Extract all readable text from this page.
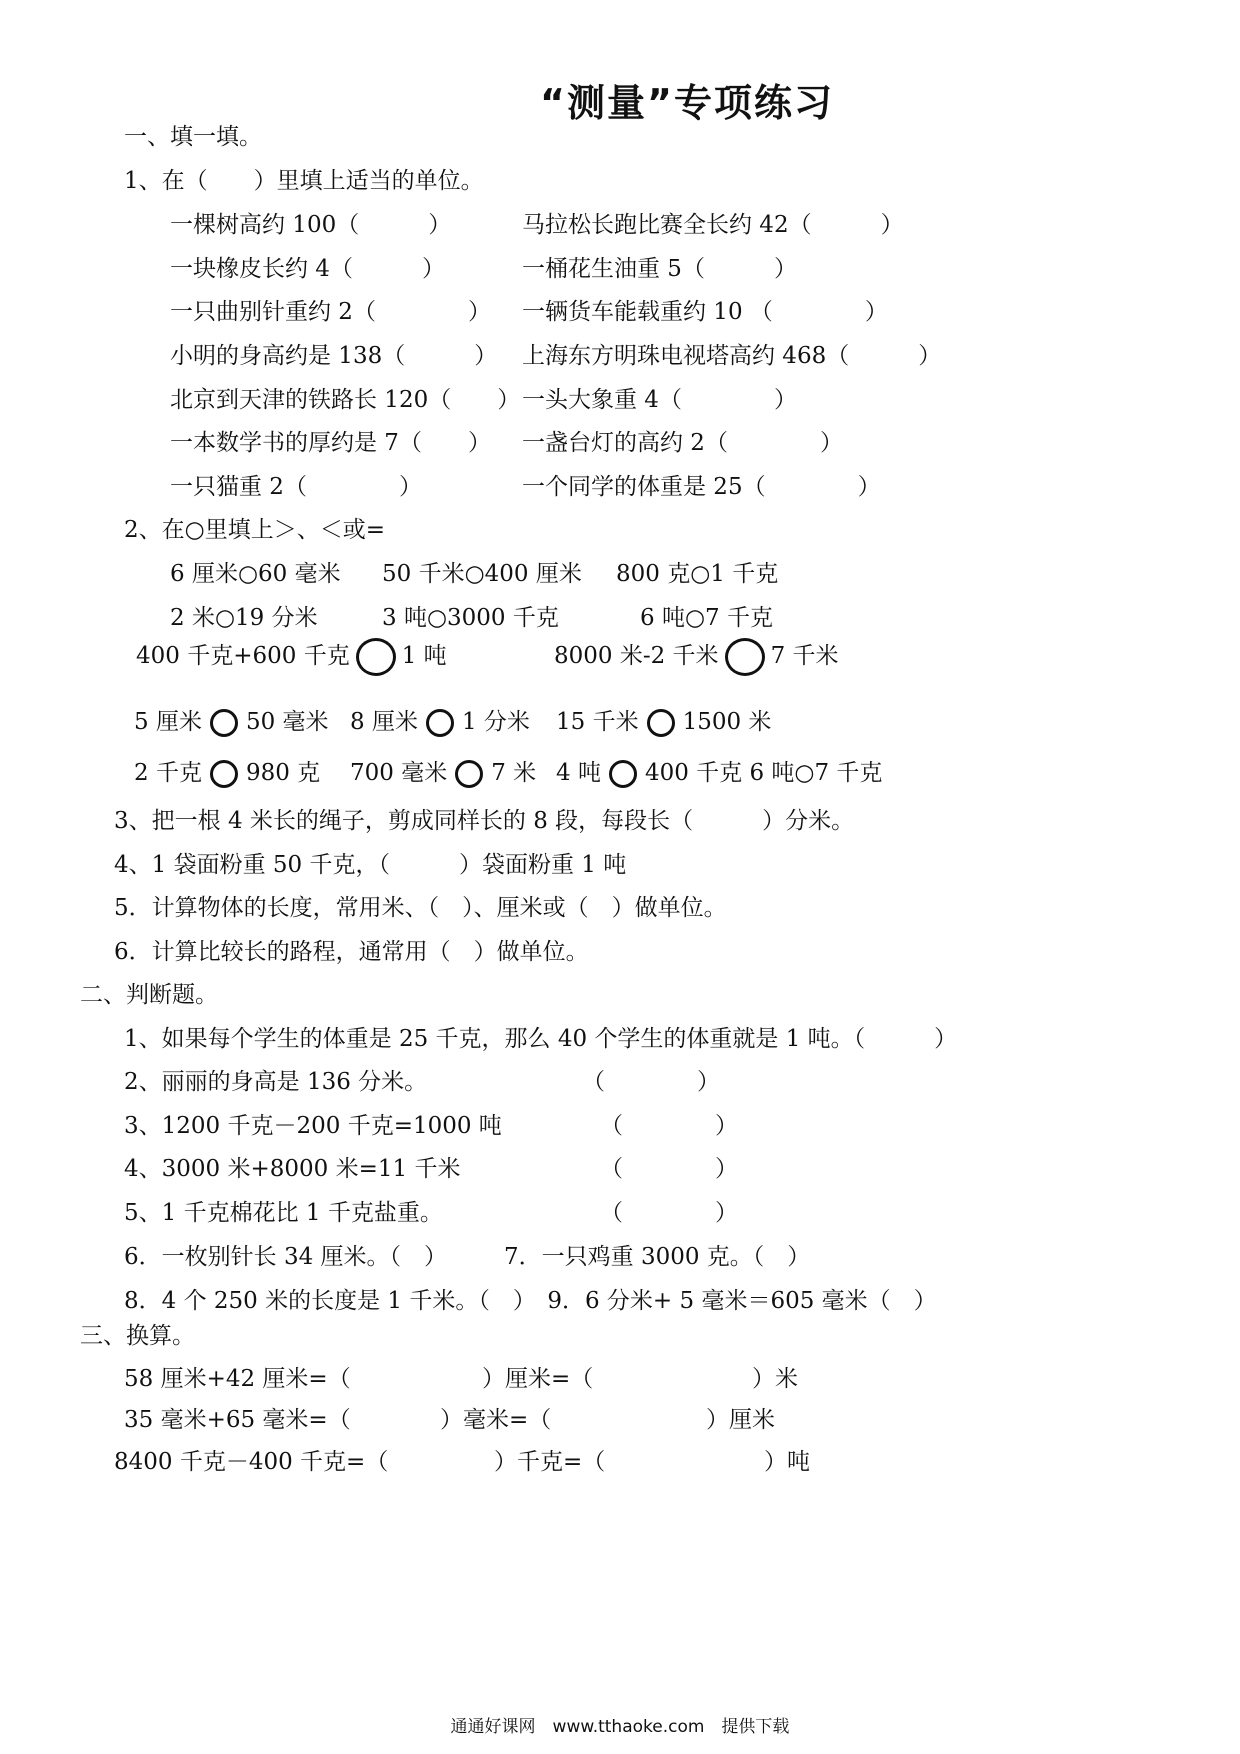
“测量”专项练习
一、填一填。
1、在（　　）里填上适当的单位。
一棵树高约 100（　　　）	马拉松长跑比赛全长约 42（　　　）
一块橡皮长约 4（　　　）	一桶花生油重 5（　　　）
一只曲别针重约 2（　　　　） 一辆货车能载重约 10 （　　　　）
小明的身高约是 138（　　　） 上海东方明珠电视塔高约 468（　　　）
北京到天津的铁路长 120（　　） 一头大象重 4（　　　　）
一本数学书的厚约是 7（　　） 一盏台灯的高约 2（　　　　）
一只猫重 2（　　　　）	一个同学的体重是 25（　　　　）
2、在○里填上＞、＜或=
6 厘米○60 毫米 50 千米○400 厘米 800 克○1 千克
2 米○19 分米	3 吨○3000 千克	6 吨○7 千克
400 千克+600 千克 1 吨	8000 米-2 千米 7 千米
5 厘米 50 毫米 8 厘米 1 分米 15 千米 1500 米
2 千克 980 克 700 毫米 7 米 4 吨 400 千克 6 吨○7 千克
3、把一根 4 米长的绳子，剪成同样长的 8 段，每段长（　　　）分米。
4、1 袋面粉重 50 千克，（　　　）袋面粉重 1 吨
5．计算物体的长度，常用米、（　）、厘米或（　）做单位。
6．计算比较长的路程，通常用（　）做单位。
二、判断题。
1、如果每个学生的体重是 25 千克，那么 40 个学生的体重就是 1 吨。（　　　）
2、丽丽的身高是 136 分米。	（　　　　）
3、1200 千克－200 千克=1000 吨	（　　　　）
4、3000 米+8000 米=11 千米	（　　　　）
5、1 千克棉花比 1 千克盐重。	（　　　　）
6．一枚别针长 34 厘米。（　） 7．一只鸡重 3000 克。（　）
8．4 个 250 米的长度是 1 千米。（　）　9．6 分米+ 5 毫米＝605 毫米（　）
三、换算。
58 厘米+42 厘米=（	）厘米=（	）米
35 毫米+65 毫米=（	）毫米=（	）厘米
8400 千克－400 千克=（	）千克=（	）吨
通通好课网　www.tthaoke.com　提供下载
